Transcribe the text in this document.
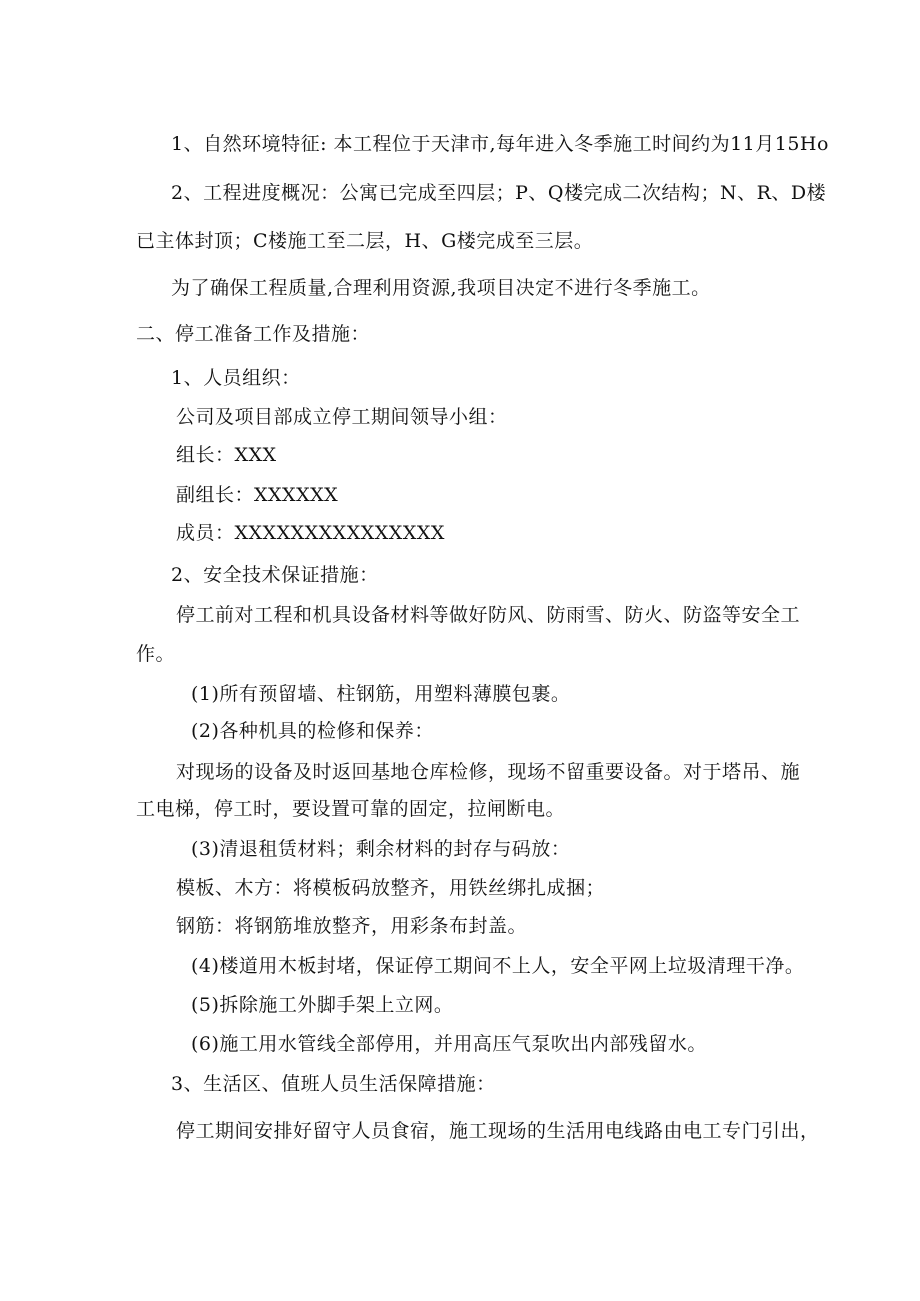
1、自然环境特征: 本工程位于天津市,每年进入冬季施工时间约为11月15Ho
2、工程进度概况：公寓已完成至四层；P、Q楼完成二次结构；N、R、D楼
已主体封顶；C楼施工至二层，H、G楼完成至三层。
为了确保工程质量,合理利用资源,我项目决定不进行冬季施工。
二、停工准备工作及措施：
1、人员组织：
公司及项目部成立停工期间领导小组：
组长：XXX
副组长：XXXXXX
成员：XXXXXXXXXXXXXXX
2、安全技术保证措施：
停工前对工程和机具设备材料等做好防风、防雨雪、防火、防盗等安全工
作。
(1)所有预留墙、柱钢筋，用塑料薄膜包裹。
(2)各种机具的检修和保养：
对现场的设备及时返回基地仓库检修，现场不留重要设备。对于塔吊、施
工电梯，停工时，要设置可靠的固定，拉闸断电。
(3)清退租赁材料；剩余材料的封存与码放：
模板、木方：将模板码放整齐，用铁丝绑扎成捆；
钢筋：将钢筋堆放整齐，用彩条布封盖。
(4)楼道用木板封堵，保证停工期间不上人，安全平网上垃圾清理干净。
(5)拆除施工外脚手架上立网。
(6)施工用水管线全部停用，并用高压气泵吹出内部残留水。
3、生活区、值班人员生活保障措施：
停工期间安排好留守人员食宿，施工现场的生活用电线路由电工专门引出，
